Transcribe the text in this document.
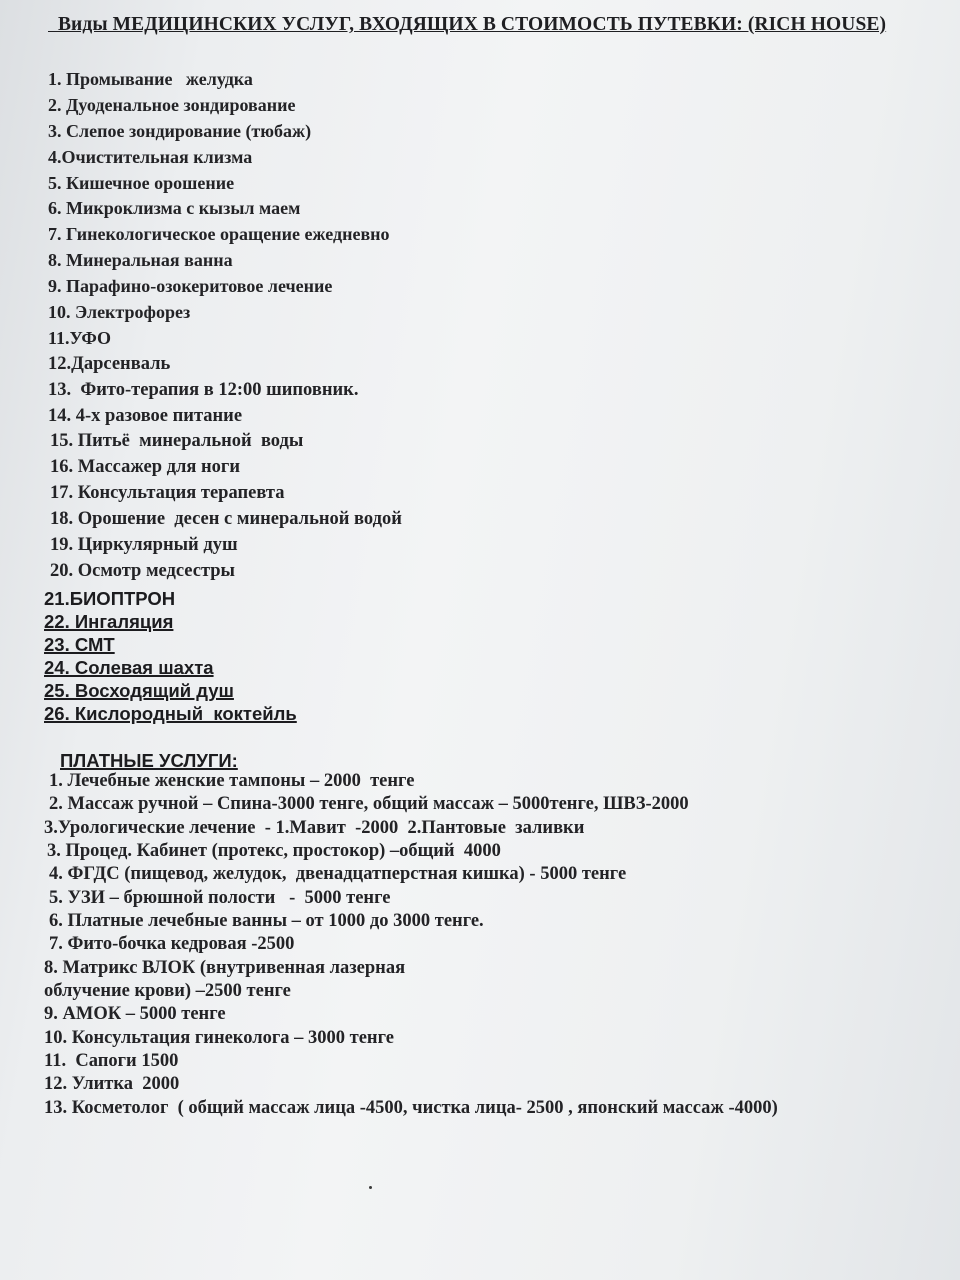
Виды МЕДИЦИНСКИХ УСЛУГ, ВХОДЯЩИХ В СТОИМОСТЬ ПУТЕВКИ: (RICH HOUSE)
1. Промывание   желудка
2. Дуоденальное зондирование
3. Слепое зондирование (тюбаж)
4.Очистительная клизма
5. Кишечное орошение
6. Микроклизма с кызыл маем
7. Гинекологическое оращение ежедневно
8. Минеральная ванна
9. Парафино-озокеритовое лечение
10. Электрофорез
11.УФО
12.Дарсенваль
13.  Фито-терапия в 12:00 шиповник.
14. 4-х разовое питание
15. Питьё  минеральной  воды
16. Массажер для ноги
17. Консультация терапевта
18. Орошение  десен с минеральной водой
19. Циркулярный душ
20. Осмотр медсестры
21.БИОПТРОН
22. Ингаляция
23. СМТ
24. Солевая шахта
25. Восходящий душ
26. Кислородный  коктейль
ПЛАТНЫЕ УСЛУГИ:
1. Лечебные женские тампоны – 2000  тенге
2. Массаж ручной – Спина-3000 тенге, общий массаж – 5000тенге, ШВЗ-2000
3.Урологические лечение  - 1.Мавит  -2000  2.Пантовые  заливки
3. Процед. Кабинет (протекс, простокор) –общий  4000
4. ФГДС (пищевод, желудок,  двенадцатперстная кишка) - 5000 тенге
5. УЗИ – брюшной полости   -  5000 тенге
6. Платные лечебные ванны – от 1000 до 3000 тенге.
7. Фито-бочка кедровая -2500
8. Матрикс ВЛОК (внутривенная лазерная
облучение крови) –2500 тенге
9. АМОК – 5000 тенге
10. Консультация гинеколога – 3000 тенге
11.  Сапоги 1500
12. Улитка  2000
13. Косметолог  ( общий массаж лица -4500, чистка лица- 2500 , японский массаж -4000)
